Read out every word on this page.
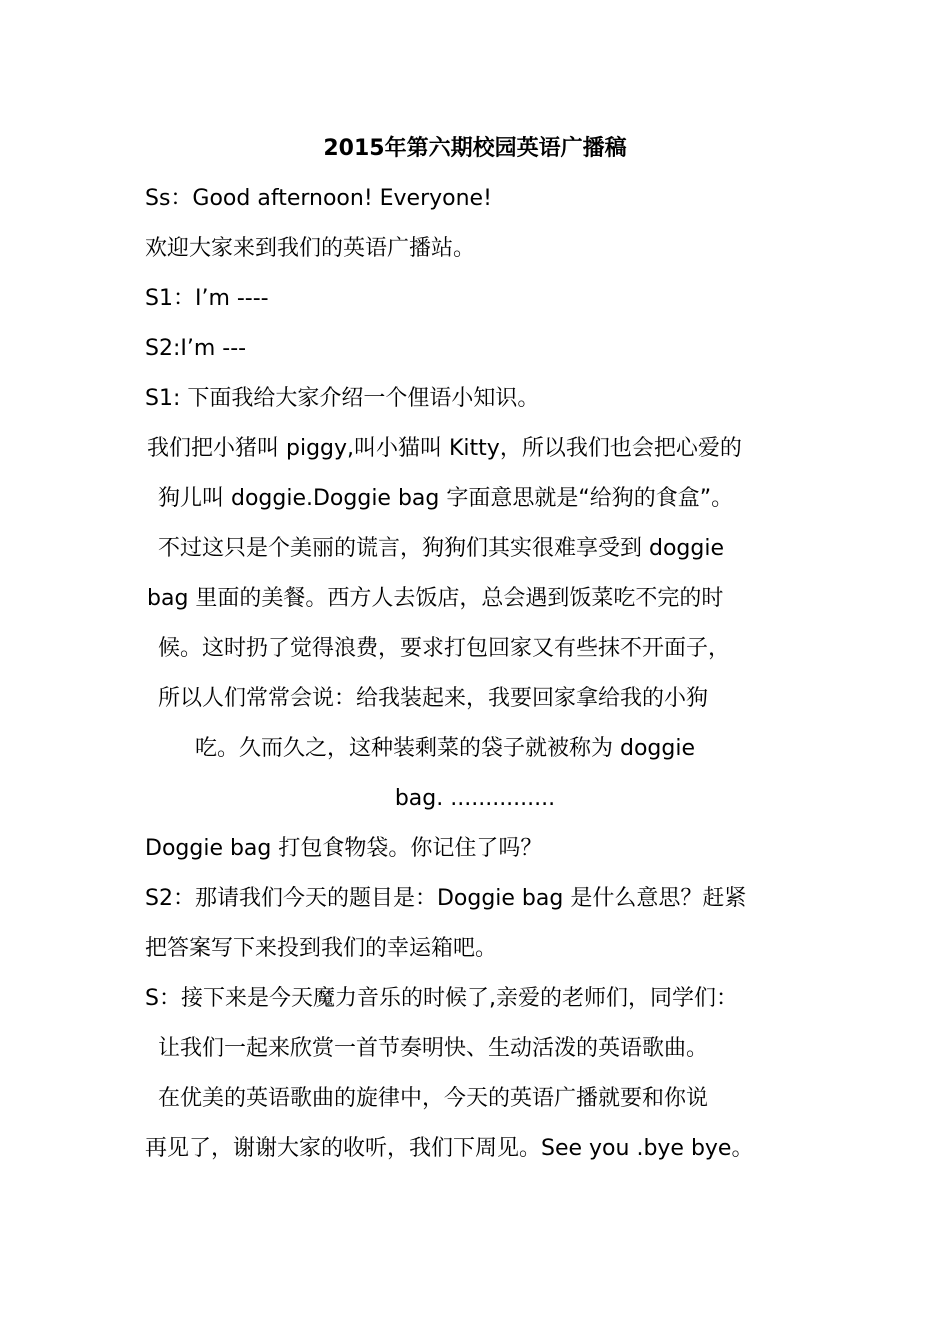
2015年第六期校园英语广播稿
Ss：Good afternoon! Everyone!
欢迎大家来到我们的英语广播站。
S1：I’m ----
S2:I’m ---
S1: 下面我给大家介绍一个俚语小知识。
我们把小猪叫 piggy,叫小猫叫 Kitty，所以我们也会把心爱的
狗儿叫 doggie.Doggie bag 字面意思就是“给狗的食盒”。
不过这只是个美丽的谎言，狗狗们其实很难享受到 doggie
bag 里面的美餐。西方人去饭店，总会遇到饭菜吃不完的时
候。这时扔了觉得浪费，要求打包回家又有些抹不开面子，
所以人们常常会说：给我装起来，我要回家拿给我的小狗
吃。久而久之，这种装剩菜的袋子就被称为 doggie
bag. ...............
Doggie bag 打包食物袋。你记住了吗？
S2：那请我们今天的题目是：Doggie bag 是什么意思？赶紧
把答案写下来投到我们的幸运箱吧。
S：接下来是今天魔力音乐的时候了,亲爱的老师们，同学们：
让我们一起来欣赏一首节奏明快、生动活泼的英语歌曲。
在优美的英语歌曲的旋律中，今天的英语广播就要和你说
再见了，谢谢大家的收听，我们下周见。See you .bye bye。
